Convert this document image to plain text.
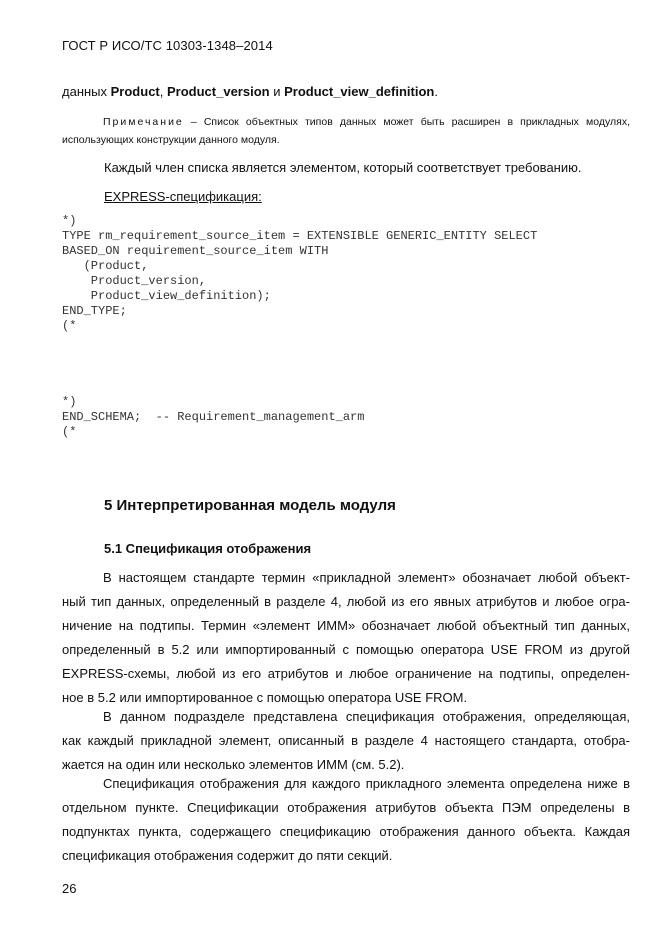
ГОСТ Р ИСО/ТС 10303-1348–2014
данных Product, Product_version и Product_view_definition.
Примечание – Список объектных типов данных может быть расширен в прикладных модулях,
использующих конструкции данного модуля.
Каждый член списка является элементом, который соответствует требованию.
EXPRESS-спецификация:
*)
TYPE rm_requirement_source_item = EXTENSIBLE GENERIC_ENTITY SELECT
BASED_ON requirement_source_item WITH
(Product,
Product_version,
Product_view_definition);
END_TYPE;
(*
*)
END_SCHEMA;  -- Requirement_management_arm
(*
5 Интерпретированная модель модуля
5.1 Спецификация отображения
В настоящем стандарте термин «прикладной элемент» обозначает любой объект-
ный тип данных, определенный в разделе 4, любой из его явных атрибутов и любое огра-
ничение на подтипы. Термин «элемент ИММ» обозначает любой объектный тип данных,
определенный в 5.2 или импортированный с помощью оператора USE FROM из другой
EXPRESS-схемы, любой из его атрибутов и любое ограничение на подтипы, определен-
ное в 5.2 или импортированное с помощью оператора USE FROM.
В данном подразделе представлена спецификация отображения, определяющая,
как каждый прикладной элемент, описанный в разделе 4 настоящего стандарта, отобра-
жается на один или несколько элементов ИММ (см. 5.2).
Спецификация отображения для каждого прикладного элемента определена ниже в
отдельном пункте. Спецификации отображения атрибутов объекта ПЭМ определены в
подпунктах пункта, содержащего спецификацию отображения данного объекта. Каждая
спецификация отображения содержит до пяти секций.
26
